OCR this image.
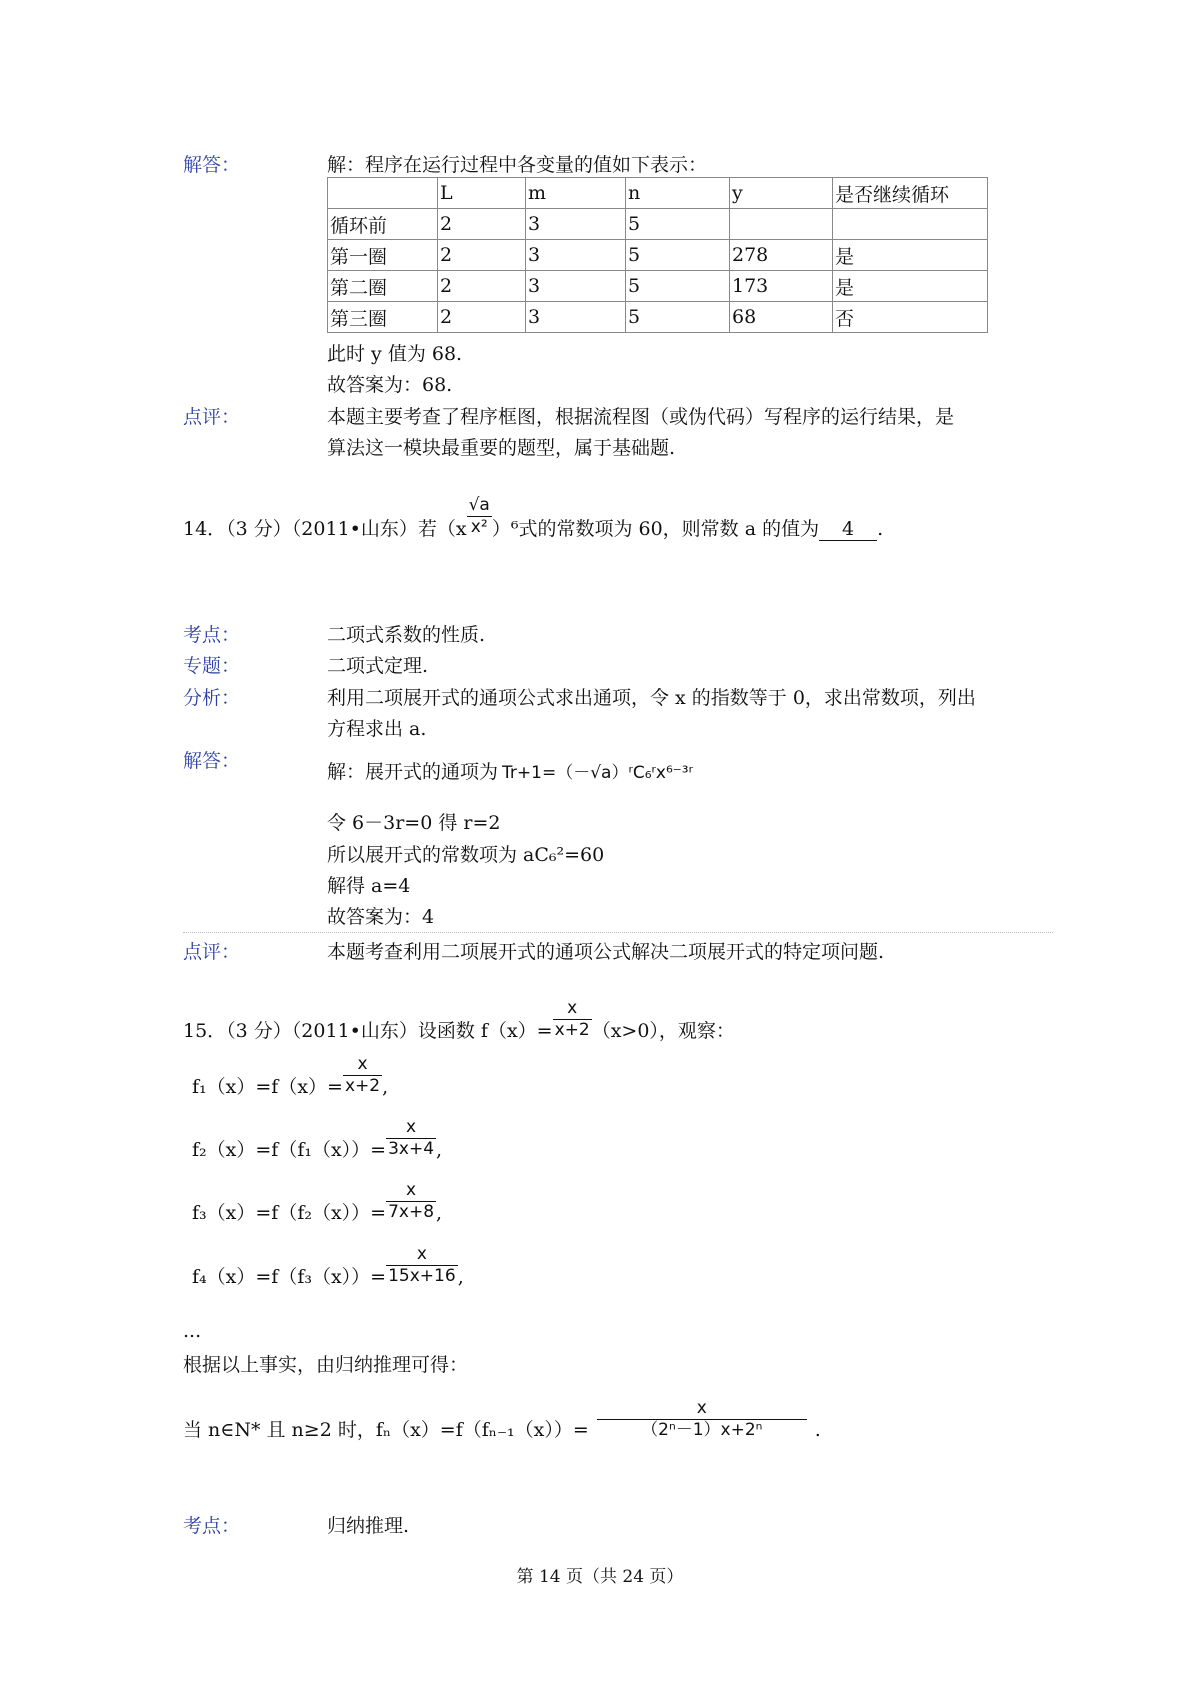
解答：	解：程序在运行过程中各变量的值如下表示：
	L	m	n	y	是否继续循环
循环前	2	3	5		
第一圈	2	3	5	278	是
第二圈	2	3	5	173	是
第三圈	2	3	5	68	否
此时 y 值为 68.
故答案为：68.
点评：	本题主要考查了程序框图，根据流程图（或伪代码）写程序的运行结果，是
算法这一模块最重要的题型，属于基础题.
14．（3 分）（2011•山东）若$(x \frac{√a}{\text{x²}} )^6$式的常数项为 60，则常数 a 的值为 4 .
考点：	二项式系数的性质.
专题：	二项式定理.
分析：	利用二项展开式的通项公式求出通项，令 x 的指数等于 0，求出常数项，列出
方程求出 a.
解答：	解：展开式的通项为 Tr+1=（－√a）ʳC₆ʳx⁶⁻³ʳ
令 6－3r=0 得 r=2
所以展开式的常数项为 aC₆²=60
解得 a=4
故答案为：4
点评：	本题考查利用二项展开式的通项公式解决二项展开式的特定项问题.
15．（3 分）（2011•山东）设函数 $f(x)= \frac{x}{x+2} (x>0)$，观察：
$f_1(x)=f(x)= \frac{x}{x+2}$ ,
$f_2(x)=f(f_1(x))= \frac{x}{3x+4}$ ,
$f_3(x)=f(f_2(x))= \frac{x}{7x+8}$ ,
$f_4(x)=f(f_3(x))= \frac{x}{15x+16}$ ,
...
根据以上事实，由归纳推理可得：
当 n∈N* 且 n≥2 时，$f_n(x)=f(f_{n-1}(x))= \frac{x}{\text{（2ⁿ－1）x+2ⁿ}}$ .
考点：	归纳推理.
第 14 页（共 24 页）
